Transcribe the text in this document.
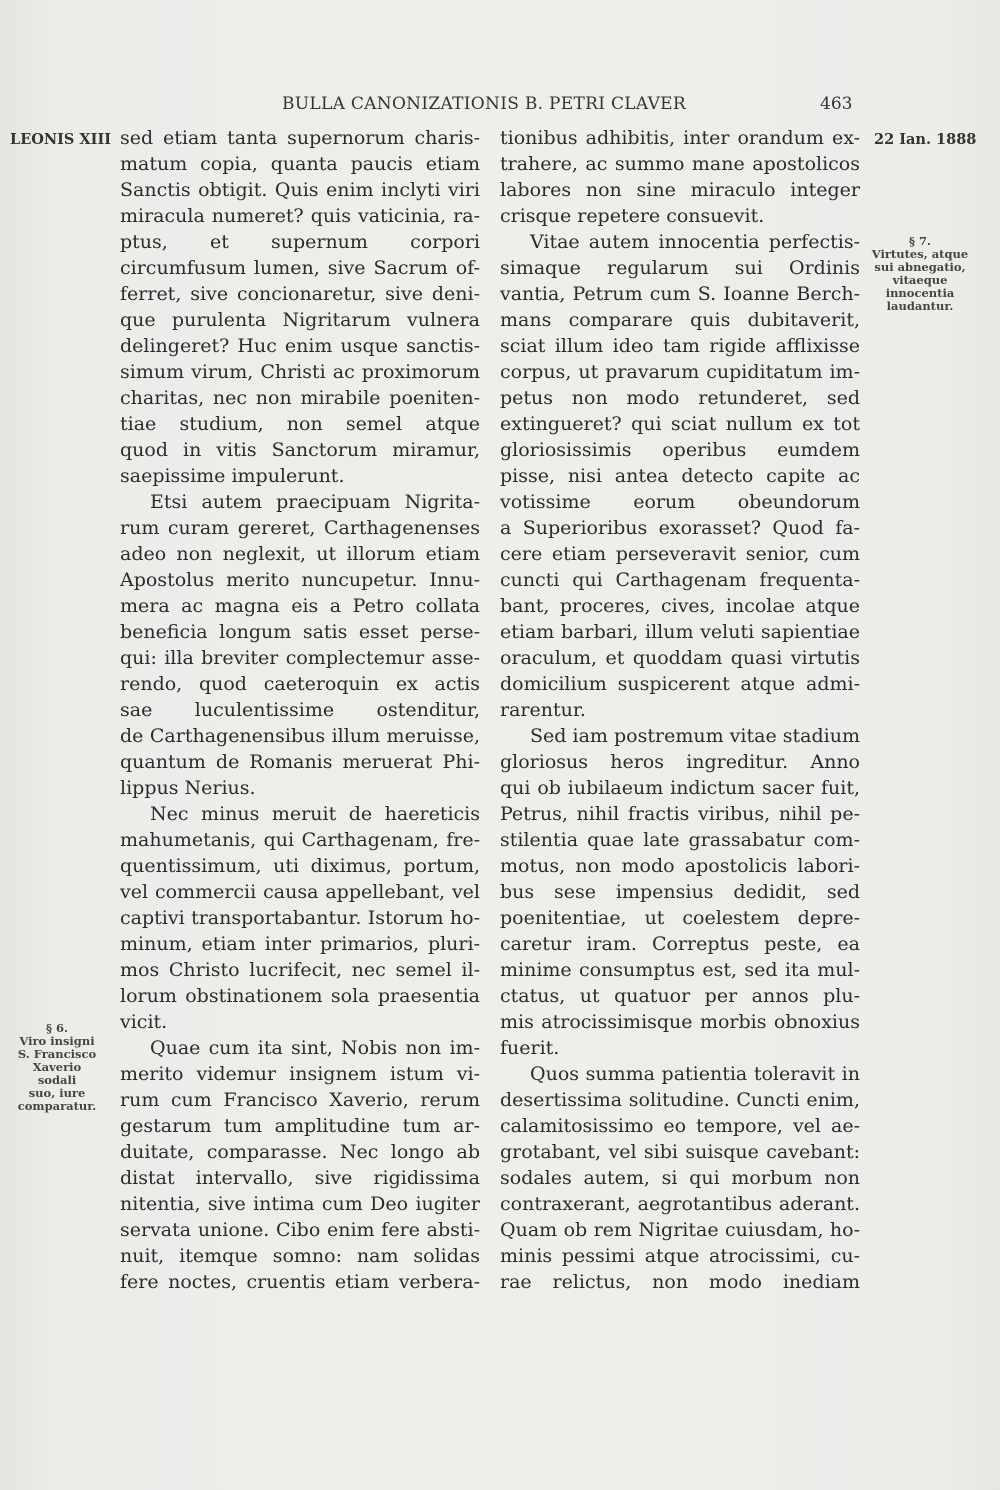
BULLA CANONIZATIONIS B. PETRI CLAVER	463
LEONIS XIII	22 Ian. 1888
sed etiam tanta supernorum charis-
matum copia, quanta paucis etiam
Sanctis obtigit. Quis enim inclyti viri
miracula numeret? quis vaticinia, ra-
ptus, et supernum corpori
circumfusum lumen, sive Sacrum of-
ferret, sive concionaretur, sive deni-
que purulenta Nigritarum vulnera
delingeret? Huc enim usque sanctis-
simum virum, Christi ac proximorum
charitas, nec non mirabile poeniten-
tiae studium, non semel atque
quod in vitis Sanctorum miramur,
saepissime impulerunt.
Etsi autem praecipuam Nigrita-
rum curam gereret, Carthagenenses
adeo non neglexit, ut illorum etiam
Apostolus merito nuncupetur. Innu-
mera ac magna eis a Petro collata
beneficia longum satis esset perse-
qui: illa breviter complectemur asse-
rendo, quod caeteroquin ex actis
sae luculentissime ostenditur,
de Carthagenensibus illum meruisse,
quantum de Romanis meruerat Phi-
lippus Nerius.
Nec minus meruit de haereticis
mahumetanis, qui Carthagenam, fre-
quentissimum, uti diximus, portum,
vel commercii causa appellebant, vel
captivi transportabantur. Istorum ho-
minum, etiam inter primarios, pluri-
mos Christo lucrifecit, nec semel il-
lorum obstinationem sola praesentia
vicit.
Quae cum ita sint, Nobis non im-
merito videmur insignem istum vi-
rum cum Francisco Xaverio, rerum
gestarum tum amplitudine tum ar-
duitate, comparasse. Nec longo ab
distat intervallo, sive rigidissima
nitentia, sive intima cum Deo iugiter
servata unione. Cibo enim fere absti-
nuit, itemque somno: nam solidas
fere noctes, cruentis etiam verbera-
tionibus adhibitis, inter orandum ex-
trahere, ac summo mane apostolicos
labores non sine miraculo integer
crisque repetere consuevit.
Vitae autem innocentia perfectis-
simaque regularum sui Ordinis
vantia, Petrum cum S. Ioanne Berch-
mans comparare quis dubitaverit,
sciat illum ideo tam rigide afflixisse
corpus, ut pravarum cupiditatum im-
petus non modo retunderet, sed
extingueret? qui sciat nullum ex tot
gloriosissimis operibus eumdem
pisse, nisi antea detecto capite ac
votissime eorum obeundorum
a Superioribus exorasset? Quod fa-
cere etiam perseveravit senior, cum
cuncti qui Carthagenam frequenta-
bant, proceres, cives, incolae atque
etiam barbari, illum veluti sapientiae
oraculum, et quoddam quasi virtutis
domicilium suspicerent atque admi-
rarentur.
Sed iam postremum vitae stadium
gloriosus heros ingreditur. Anno
qui ob iubilaeum indictum sacer fuit,
Petrus, nihil fractis viribus, nihil pe-
stilentia quae late grassabatur com-
motus, non modo apostolicis labori-
bus sese impensius dedidit, sed
poenitentiae, ut coelestem depre-
caretur iram. Correptus peste, ea
minime consumptus est, sed ita mul-
ctatus, ut quatuor per annos plu-
mis atrocissimisque morbis obnoxius
fuerit.
Quos summa patientia toleravit in
desertissima solitudine. Cuncti enim,
calamitosissimo eo tempore, vel ae-
grotabant, vel sibi suisque cavebant:
sodales autem, si qui morbum non
contraxerant, aegrotantibus aderant.
Quam ob rem Nigritae cuiusdam, ho-
minis pessimi atque atrocissimi, cu-
rae relictus, non modo inediam
§ 6.
Viro insigni
S. Francisco
Xaverio sodali
suo, iure
comparatur.
§ 7.
Virtutes, atque
sui abnegatio,
vitaeque
innocentia
laudantur.
